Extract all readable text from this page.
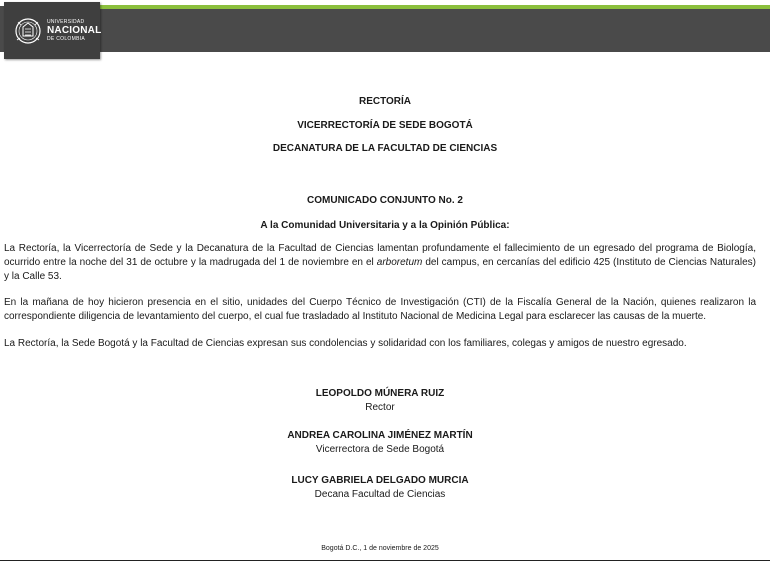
UNIVERSIDAD
NACIONAL
DE COLOMBIA
RECTORÍA
VICERRECTORÍA DE SEDE BOGOTÁ
DECANATURA DE LA FACULTAD DE CIENCIAS
COMUNICADO CONJUNTO No. 2
A la Comunidad Universitaria y a la Opinión Pública:
La Rectoría, la Vicerrectoría de Sede y la Decanatura de la Facultad de Ciencias lamentan profundamente el fallecimiento de un egresado del programa de Biología, ocurrido entre la noche del 31 de octubre y la madrugada del 1 de noviembre en el arboretum del campus, en cercanías del edificio 425 (Instituto de Ciencias Naturales) y la Calle 53.
En la mañana de hoy hicieron presencia en el sitio, unidades del Cuerpo Técnico de Investigación (CTI) de la Fiscalía General de la Nación, quienes realizaron la correspondiente diligencia de levantamiento del cuerpo, el cual fue trasladado al Instituto Nacional de Medicina Legal para esclarecer las causas de la muerte.
La Rectoría, la Sede Bogotá y la Facultad de Ciencias expresan sus condolencias y solidaridad con los familiares, colegas y amigos de nuestro egresado.
LEOPOLDO MÚNERA RUIZ
Rector
ANDREA CAROLINA JIMÉNEZ MARTÍN
Vicerrectora de Sede Bogotá
LUCY GABRIELA DELGADO MURCIA
Decana Facultad de Ciencias
Bogotá D.C., 1 de noviembre de 2025
